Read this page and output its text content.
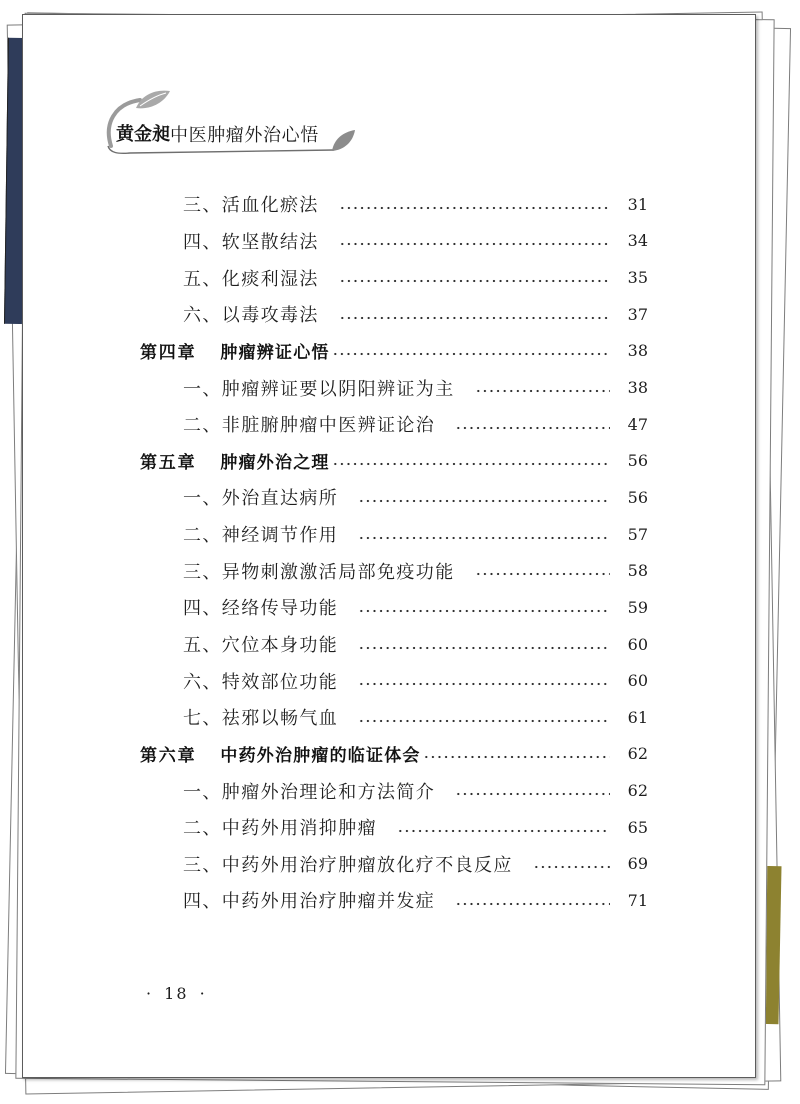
黄金昶 中医肿瘤外治心悟
三、活血化瘀法	31
四、软坚散结法	34
五、化痰利湿法	35
六、以毒攻毒法	37
第四章 肿瘤辨证心悟	38
一、肿瘤辨证要以阴阳辨证为主	38
二、非脏腑肿瘤中医辨证论治	47
第五章 肿瘤外治之理	56
一、外治直达病所	56
二、神经调节作用	57
三、异物刺激激活局部免疫功能	58
四、经络传导功能	59
五、穴位本身功能	60
六、特效部位功能	60
七、祛邪以畅气血	61
第六章 中药外治肿瘤的临证体会	62
一、肿瘤外治理论和方法简介	62
二、中药外用消抑肿瘤	65
三、中药外用治疗肿瘤放化疗不良反应	69
四、中药外用治疗肿瘤并发症	71
· 18 ·
